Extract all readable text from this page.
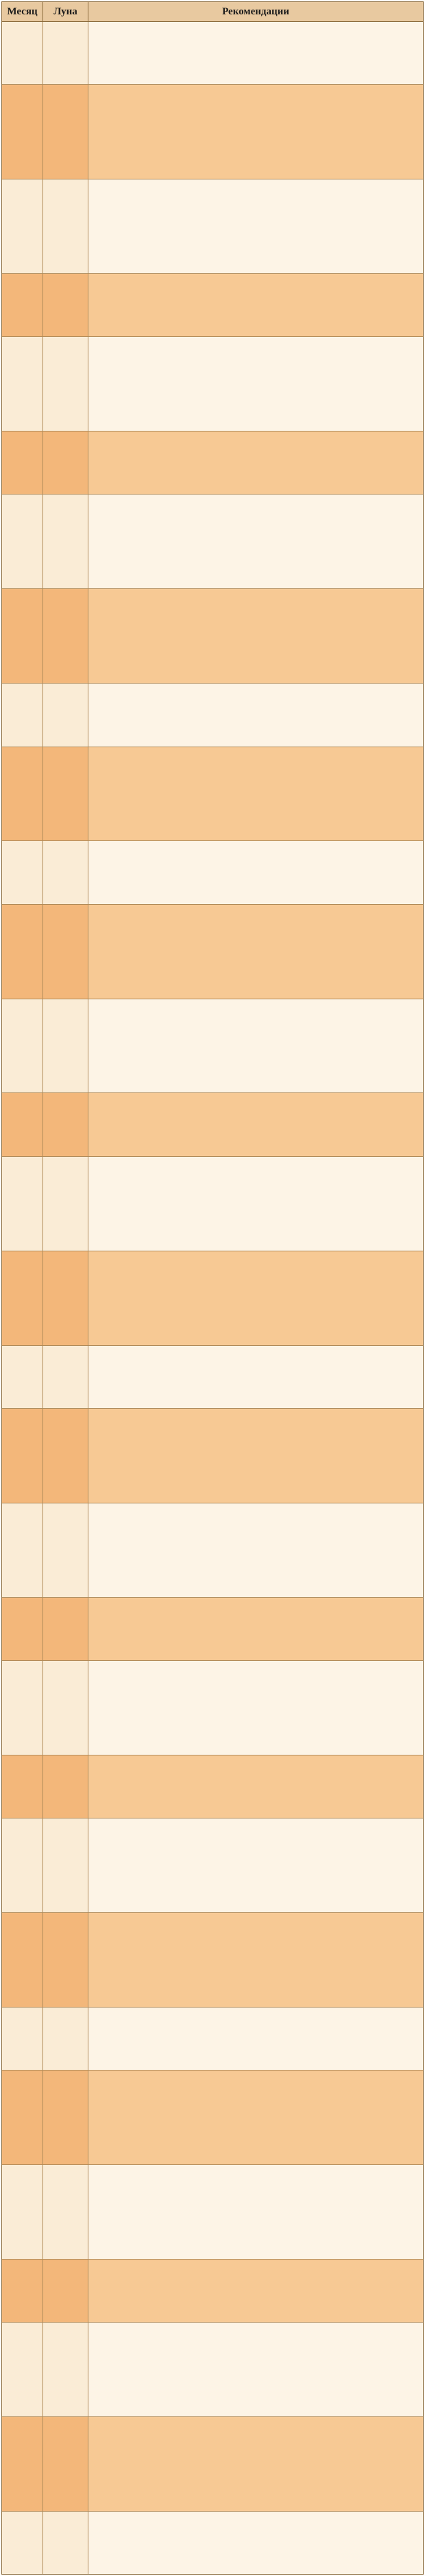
Месяц	Луна	Рекомендации
